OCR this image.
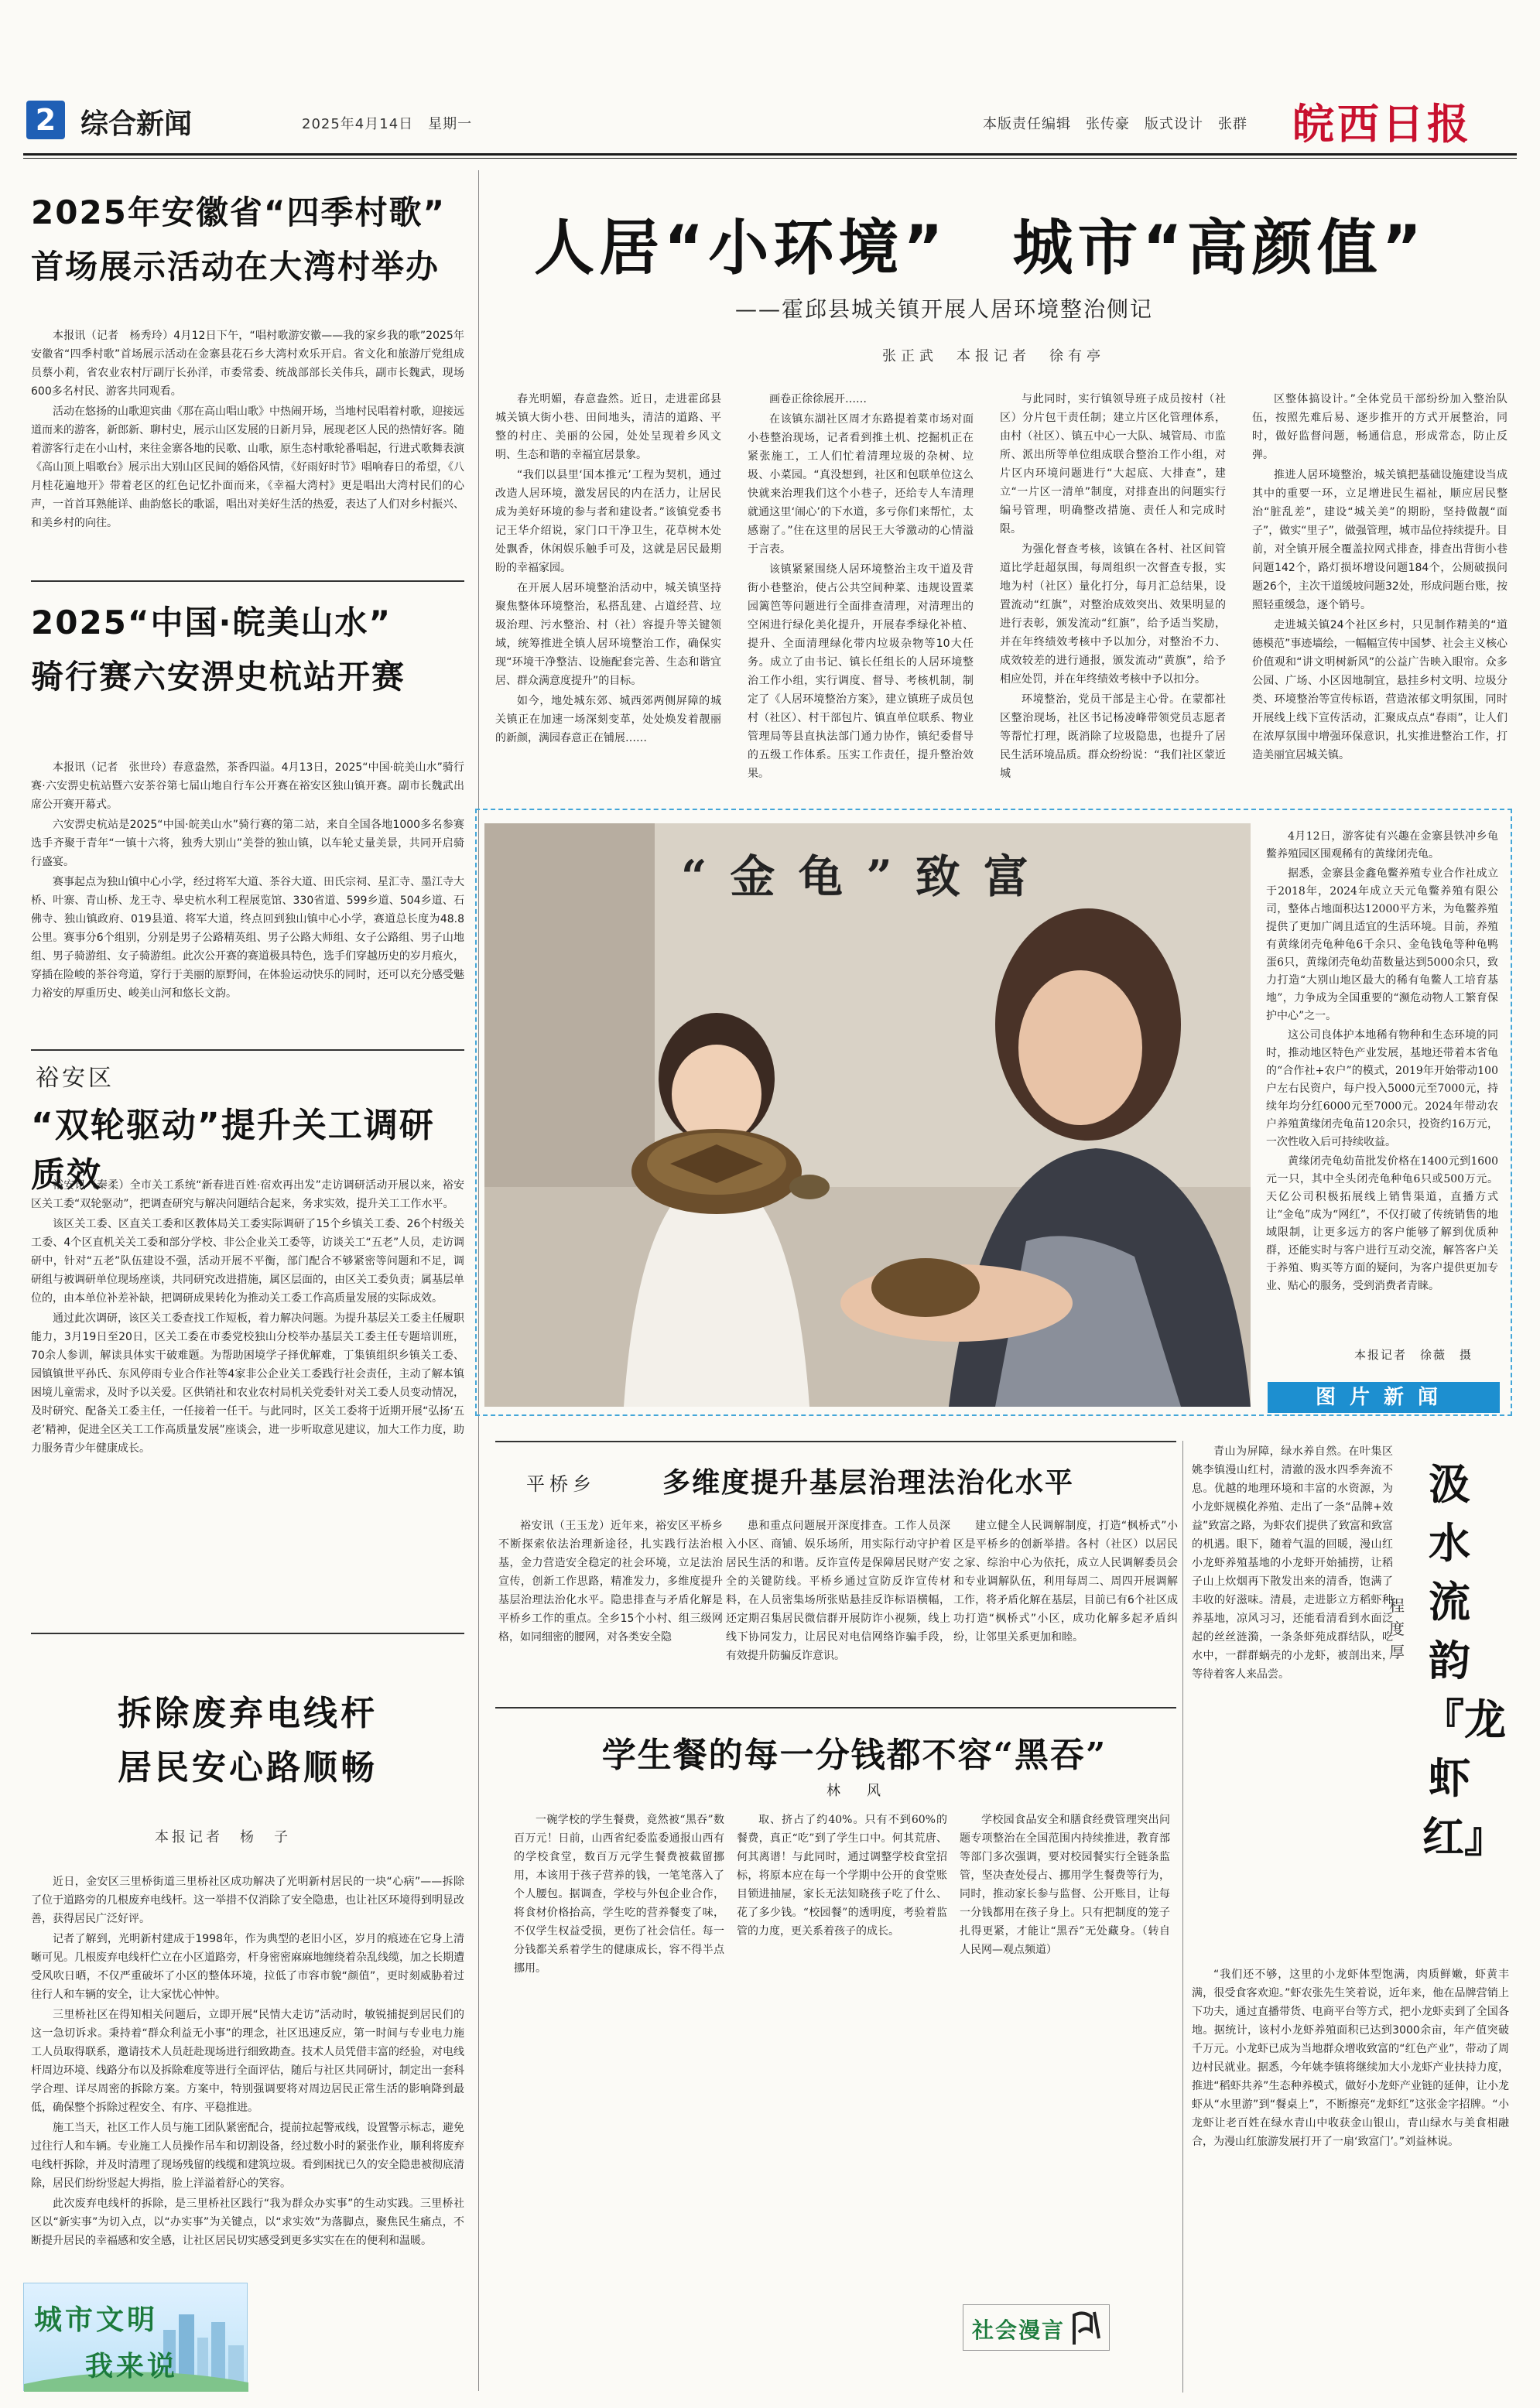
2 综合新闻	2025年4月14日　星期一	本版责任编辑　张传豪　版式设计　张群 皖西日报
2025年安徽省“四季村歌”
首场展示活动在大湾村举办

本报讯（记者　杨秀玲）4月12日下午，“唱村歌游安徽——我的家乡我的歌”2025年安徽省“四季村歌”首场展示活动在金寨县花石乡大湾村欢乐开启。省文化和旅游厅党组成员蔡小莉，省农业农村厅副厅长孙洋，市委常委、统战部部长关伟兵，副市长魏武，现场600多名村民、游客共同观看。

活动在悠扬的山歌迎宾曲《那在高山唱山歌》中热闹开场，当地村民唱着村歌，迎接远道而来的游客，新郎新、聊村史，展示山区发展的日新月异，展现老区人民的热情好客。随着游客行走在小山村，来往金寨各地的民歌、山歌，原生态村歌轮番唱起，行进式歌舞表演《高山顶上唱歌台》展示出大别山区民间的婚俗风情，《好雨好时节》唱响春日的希望，《八月桂花遍地开》带着老区的红色记忆扑面而来，《幸福大湾村》更是唱出大湾村民们的心声，一首首耳熟能详、曲韵悠长的歌谣，唱出对美好生活的热爱，表达了人们对乡村振兴、和美乡村的向往。

2025“中国·皖美山水”
骑行赛六安淠史杭站开赛

本报讯（记者　张世玲）春意盎然，茶香四溢。4月13日，2025“中国·皖美山水”骑行赛·六安淠史杭站暨六安茶谷第七届山地自行车公开赛在裕安区独山镇开赛。副市长魏武出席公开赛开幕式。

六安淠史杭站是2025“中国·皖美山水”骑行赛的第二站，来自全国各地1000多名参赛选手齐聚于青年“一镇十六将，独秀大别山”美誉的独山镇，以车轮丈量美景，共同开启骑行盛宴。

赛事起点为独山镇中心小学，经过将军大道、茶谷大道、田氏宗祠、星汇寺、墨江寺大桥、叶寨、青山桥、龙王寺、皋史杭水利工程展览馆、330省道、599乡道、504乡道、石佛寺、独山镇政府、019县道、将军大道，终点回到独山镇中心小学，赛道总长度为48.8公里。赛事分6个组别，分别是男子公路精英组、男子公路大师组、女子公路组、男子山地组、男子骑游组、女子骑游组。此次公开赛的赛道极具特色，选手们穿越历史的岁月痕火，穿插在险峻的茶谷弯道，穿行于美丽的原野间，在体验运动快乐的同时，还可以充分感受魅力裕安的厚重历史、峻美山河和悠长文韵。

裕安区
“双轮驱动”提升关工调研质效

裕安讯（秦柔）全市关工系统“新春进百姓·宿欢再出发”走访调研活动开展以来，裕安区关工委“双轮驱动”，把调查研究与解决问题结合起来，务求实效，提升关工工作水平。

该区关工委、区直关工委和区教体局关工委实际调研了15个乡镇关工委、26个村级关工委、4个区直机关关工委和部分学校、非公企业关工委等，访谈关工“五老”人员，走访调研中，针对“五老”队伍建设不强，活动开展不平衡，部门配合不够紧密等问题和不足，调研组与被调研单位现场座谈，共同研究改进措施，属区层面的，由区关工委负责；属基层单位的，由本单位补差补缺，把调研成果转化为推动关工委工作高质量发展的实际成效。

通过此次调研，该区关工委查找工作短板，着力解决问题。为提升基层关工委主任履职能力，3月19日至20日，区关工委在市委党校独山分校举办基层关工委主任专题培训班，70余人参训，解读具体实干破难题。为帮助困境学子择优解难，丁集镇组织乡镇关工委、园镇镇世平孙氏、东风停雨专业合作社等4家非公企业关工委践行社会责任，主动了解本镇困境儿童需求，及时予以关爱。区供销社和农业农村局机关党委针对关工委人员变动情况，及时研究、配备关工委主任，一任接着一任干。与此同时，区关工委将于近期开展“弘扬‘五老’精神，促进全区关工工作高质量发展”座谈会，进一步听取意见建议，加大工作力度，助力服务青少年健康成长。

拆除废弃电线杆
居民安心路顺畅
本报记者　杨　子

近日，金安区三里桥街道三里桥社区成功解决了光明新村居民的一块“心病”——拆除了位于道路旁的几根废弃电线杆。这一举措不仅消除了安全隐患，也让社区环境得到明显改善，获得居民广泛好评。

记者了解到，光明新村建成于1998年，作为典型的老旧小区，岁月的痕迹在它身上清晰可见。几根废弃电线杆伫立在小区道路旁，杆身密密麻麻地缠绕着杂乱线缆，加之长期遭受风吹日晒，不仅严重破坏了小区的整体环境，拉低了市容市貌“颜值”，更时刻威胁着过往行人和车辆的安全，让大家忧心忡忡。

三里桥社区在得知相关问题后，立即开展“民情大走访”活动时，敏锐捕捉到居民们的这一急切诉求。秉持着“群众利益无小事”的理念，社区迅速反应，第一时间与专业电力施工人员取得联系，邀请技术人员赶赴现场进行细致勘查。技术人员凭借丰富的经验，对电线杆周边环境、线路分布以及拆除难度等进行全面评估，随后与社区共同研讨，制定出一套科学合理、详尽周密的拆除方案。方案中，特别强调要将对周边居民正常生活的影响降到最低，确保整个拆除过程安全、有序、平稳推进。

施工当天，社区工作人员与施工团队紧密配合，提前拉起警戒线，设置警示标志，避免过往行人和车辆。专业施工人员操作吊车和切割设备，经过数小时的紧张作业，顺利将废弃电线杆拆除，并及时清理了现场残留的线缆和建筑垃圾。看到困扰已久的安全隐患被彻底清除，居民们纷纷竖起大拇指，脸上洋溢着舒心的笑容。

此次废弃电线杆的拆除，是三里桥社区践行“我为群众办实事”的生动实践。三里桥社区以“新实事”为切入点，以“办实事”为关键点，以“求实效”为落脚点，聚焦民生痛点，不断提升居民的幸福感和安全感，让社区居民切实感受到更多实实在在的便利和温暖。

城市文明
我来说
人居“小环境”　城市“高颜值”
——霍邱县城关镇开展人居环境整治侧记
张正武　本报记者　徐有亭

春光明媚，春意盎然。近日，走进霍邱县城关镇大街小巷、田间地头，清洁的道路、平整的村庄、美丽的公园，处处呈现着乡风文明、生态和谐的幸福宜居景象。

“我们以县里‘国本推元’工程为契机，通过改造人居环境，激发居民的内在活力，让居民成为美好环境的参与者和建设者。”该镇党委书记王华介绍说，家门口干净卫生，花草树木处处飘香，休闲娱乐触手可及，这就是居民最期盼的幸福家园。

在开展人居环境整治活动中，城关镇坚持聚焦整体环境整治，私搭乱建、占道经营、垃圾治理、污水整治、村（社）容提升等关键领域，统筹推进全镇人居环境整治工作，确保实现“环境干净整洁、设施配套完善、生态和谐宜居、群众满意度提升”的目标。

如今，地处城东郊、城西郊两侧屏障的城关镇正在加速一场深刻变革，处处焕发着靓丽的新颜，满园春意正在铺展……

画卷正徐徐展开……

在该镇东湖社区周才东路提着菜市场对面小巷整治现场，记者看到推土机、挖掘机正在紧张施工，工人们忙着清理垃圾的杂树、垃圾、小菜园。“真没想到，社区和包联单位这么快就来治理我们这个小巷子，还给专人车清理就通这里‘闹心’的下水道，多亏你们来帮忙，太感谢了。”住在这里的居民王大爷激动的心情溢于言表。

该镇紧紧围绕人居环境整治主攻干道及背街小巷整治，使占公共空间种菜、违规设置菜园篱笆等问题进行全面排查清理，对清理出的空闲进行绿化美化提升，开展春季绿化补植、提升、全面清理绿化带内垃圾杂物等10大任务。成立了由书记、镇长任组长的人居环境整治工作小组，实行调度、督导、考核机制，制定了《人居环境整治方案》，建立镇班子成员包村（社区）、村干部包片、镇直单位联系、物业管理局等县直执法部门通力协作，镇纪委督导的五级工作体系。压实工作责任，提升整治效果。

与此同时，实行镇领导班子成员按村（社区）分片包干责任制；建立片区化管理体系，由村（社区）、镇五中心一大队、城管局、市监所、派出所等单位组成联合整治工作小组，对片区内环境问题进行“大起底、大排查”，建立“一片区一清单”制度，对排查出的问题实行编号管理，明确整改措施、责任人和完成时限。

为强化督查考核，该镇在各村、社区间管道比学赶超氛围，每周组织一次督查专报，实地为村（社区）量化打分，每月汇总结果，设置流动“红旗”，对整治成效突出、效果明显的进行表彰，颁发流动“红旗”，给予适当奖励，并在年终绩效考核中予以加分，对整治不力、成效较差的进行通报，颁发流动“黄旗”，给予相应处罚，并在年终绩效考核中予以扣分。

环境整治，党员干部是主心骨。在蒙都社区整治现场，社区书记杨凌峰带领党员志愿者等帮忙打理，既消除了垃圾隐患，也提升了居民生活环境品质。群众纷纷说：“我们社区蒙近城

区整体搞设计。”全体党员干部纷纷加入整治队伍，按照先难后易、逐步推开的方式开展整治，同时，做好监督问题，畅通信息，形成常态，防止反弹。

推进人居环境整治，城关镇把基础设施建设当成其中的重要一环，立足增进民生福祉，顺应居民整治“脏乱差”，建设“城关美”的期盼，坚持做靓“面子”，做实“里子”，做强管理，城市品位持续提升。目前，对全镇开展全覆盖拉网式排查，排查出背街小巷问题142个，路灯损坏增设问题184个，公厕破损问题26个，主次干道缓坡问题32处，形成问题台账，按照轻重缓急，逐个销号。

走进城关镇24个社区乡村，只见制作精美的“道德模范”事迹墙绘，一幅幅宣传中国梦、社会主义核心价值观和“讲文明树新风”的公益广告映入眼帘。众多公园、广场、小区因地制宜，悬挂乡村文明、垃圾分类、环境整治等宣传标语，营造浓郁文明氛围，同时开展线上线下宣传活动，汇聚成点点“春雨”，让人们在浓厚氛围中增强环保意识，扎实推进整治工作，打造美丽宜居城关镇。

“金龟”致富

4月12日，游客徒有兴趣在金寨县铁冲乡龟鳖养殖园区围观稀有的黄缘闭壳龟。

据悉，金寨县金鑫龟鳖养殖专业合作社成立于2018年，2024年成立天元龟鳖养殖有限公司，整体占地面积达12000平方米，为龟鳖养殖提供了更加广阔且适宜的生活环境。目前，养殖有黄缘闭壳龟种龟6千余只、金龟钱龟等种龟鸭蛋6只，黄缘闭壳龟幼苗数量达到5000余只，致力打造“大别山地区最大的稀有龟鳖人工培育基地”，力争成为全国重要的“濒危动物人工繁育保护中心”之一。

这公司良体护本地稀有物种和生态环境的同时，推动地区特色产业发展，基地还带着本省龟的“合作社+农户”的模式，2019年开始带动100户左右民资户，每户投入5000元至7000元，持续年均分红6000元至7000元。2024年带动农户养殖黄缘闭壳龟苗120余只，投资约16万元，一次性收入后可持续收益。

黄缘闭壳龟幼苗批发价格在1400元到1600元一只，其中全头闭壳龟种龟6只或500万元。天亿公司积极拓展线上销售渠道，直播方式让“金龟”成为“网红”，不仅打破了传统销售的地域限制，让更多远方的客户能够了解到优质种群，还能实时与客户进行互动交流，解答客户关于养殖、购买等方面的疑问，为客户提供更加专业、贴心的服务，受到消费者青睐。

本报记者　徐薇　摄
图片新闻
平桥乡 多维度提升基层治理法治化水平

裕安讯（王玉龙）近年来，裕安区平桥乡不断探索依法治理新途径，扎实践行法治根基，金力营造安全稳定的社会环境，立足法治宣传，创新工作思路，精准发力，多维度提升基层治理法治化水平。隐患排查与矛盾化解是平桥乡工作的重点。全乡15个小村、组三级网格，如同细密的腰网，对各类安全隐

患和重点问题展开深度排查。工作人员深入小区、商铺、娱乐场所，用实际行动守护着居民生活的和谐。反诈宣传是保障居民财产安全的关键防线。平桥乡通过宣防反诈宣传材料，在人员密集场所张贴悬挂反诈标语横幅，还定期召集居民微信群开展防诈小视频，线上线下协同发力，让居民对电信网络诈骗手段，有效提升防骗反诈意识。

建立健全人民调解制度，打造“枫桥式”小区是平桥乡的创新举措。各村（社区）以居民之家、综治中心为依托，成立人民调解委员会和专业调解队伍，利用每周二、周四开展调解工作，将矛盾化解在基层，目前已有6个社区成功打造“枫桥式”小区，成功化解多起矛盾纠纷，让邻里关系更加和睦。

学生餐的每一分钱都不容“黑吞”
林　风

一碗学校的学生餐费，竟然被“黑吞”数百万元！日前，山西省纪委监委通报山西有的学校食堂，数百万元学生餐费被截留挪用，本该用于孩子营养的钱，一笔笔落入了个人腰包。据调查，学校与外包企业合作，将食材价格抬高，学生吃的营养餐变了味，不仅学生权益受损，更伤了社会信任。每一分钱都关系着学生的健康成长，容不得半点挪用。

取、挤占了约40%。只有不到60%的餐费，真正“吃”到了学生口中。何其荒唐、何其离谱！与此同时，通过调整学校食堂招标，将原本应在每一个学期中公开的食堂账目锁进抽屉，家长无法知晓孩子吃了什么、花了多少钱。“校园餐”的透明度，考验着监管的力度，更关系着孩子的成长。

学校园食品安全和膳食经费管理突出问题专项整治在全国范围内持续推进，教育部等部门多次强调，要对校园餐实行全链条监管，坚决查处侵占、挪用学生餐费等行为，同时，推动家长参与监督、公开账目，让每一分钱都用在孩子身上。只有把制度的笼子扎得更紧，才能让“黑吞”无处藏身。（转自人民网—观点频道）

社会漫言

青山为屏障，绿水养自然。在叶集区姚李镇漫山红村，清澈的汲水四季奔流不息。优越的地理环境和丰富的水资源，为小龙虾规模化养殖、走出了一条“品牌+效益”致富之路，为虾农们提供了致富和致富的机遇。眼下，随着气温的回暖，漫山红小龙虾养殖基地的小龙虾开始捕捞，让稻子山上炊烟再下散发出来的清香，饱满了丰收的好滋味。清晨，走进影立方稻虾种养基地，凉风习习，还能看清看到水面泛起的丝丝涟漪，一条条虾苑成群结队，吃水中，一群群蜗壳的小龙虾，被剖出来，等待着客人来品尝。

汲水流韵『龙虾红』
程度厚

“我们还不够，这里的小龙虾体型饱满，肉质鲜嫩，虾黄丰满，很受食客欢迎。”虾农张先生笑着说，近年来，他在品牌营销上下功夫，通过直播带货、电商平台等方式，把小龙虾卖到了全国各地。据统计，该村小龙虾养殖面积已达到3000余亩，年产值突破千万元。小龙虾已成为当地群众增收致富的“红色产业”，带动了周边村民就业。据悉，今年姚李镇将继续加大小龙虾产业扶持力度，推进“稻虾共养”生态种养模式，做好小龙虾产业链的延伸，让小龙虾从“水里游”到“餐桌上”，不断擦亮“龙虾红”这张金字招牌。“小龙虾让老百姓在绿水青山中收获金山银山，青山绿水与美食相融合，为漫山红旅游发展打开了一扇‘致富门’。”刘益林说。
